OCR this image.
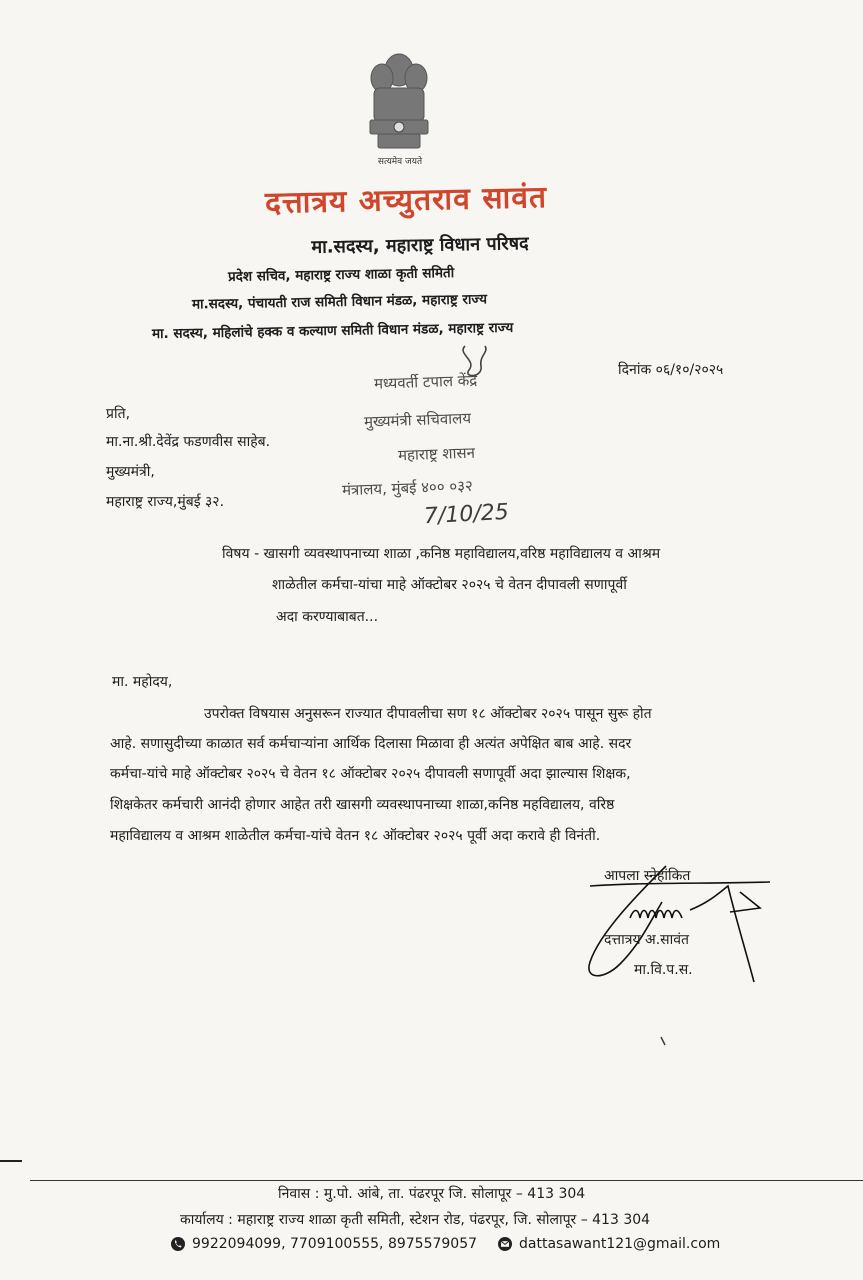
सत्यमेव जयते
दत्तात्रय अच्युतराव सावंत
मा.सदस्य, महाराष्ट्र विधान परिषद
प्रदेश सचिव, महाराष्ट्र राज्य शाळा कृती समिती
मा.सदस्य, पंचायती राज समिती विधान मंडळ, महाराष्ट्र राज्य
मा. सदस्य, महिलांचे हक्क व कल्याण समिती विधान मंडळ, महाराष्ट्र राज्य
दिनांक ०६/१०/२०२५
मध्यवर्ती टपाल केंद्र
मुख्यमंत्री सचिवालय
महाराष्ट्र शासन
मंत्रालय, मुंबई ४०० ०३२
7/10/25
प्रति,
मा.ना.श्री.देवेंद्र फडणवीस साहेब.
मुख्यमंत्री,
महाराष्ट्र राज्य,मुंबई ३२.
विषय - खासगी व्यवस्थापनाच्या शाळा ,कनिष्ठ महाविद्यालय,वरिष्ठ महाविद्यालय व आश्रम
शाळेतील कर्मचा-यांचा माहे ऑक्टोबर २०२५ चे वेतन दीपावली सणापूर्वी
अदा करण्याबाबत...
मा. महोदय,
उपरोक्त विषयास अनुसरून राज्यात दीपावलीचा सण १८ ऑक्टोबर २०२५ पासून सुरू होत
आहे. सणासुदीच्या काळात सर्व कर्मचाऱ्यांना आर्थिक दिलासा मिळावा ही अत्यंत अपेक्षित बाब आहे. सदर
कर्मचा-यांचे माहे ऑक्टोबर २०२५ चे वेतन १८ ऑक्टोबर २०२५ दीपावली सणापूर्वी अदा झाल्यास शिक्षक,
शिक्षकेतर कर्मचारी आनंदी होणार आहेत तरी खासगी व्यवस्थापनाच्या शाळा,कनिष्ठ महविद्यालय, वरिष्ठ
महाविद्यालय व आश्रम शाळेतील कर्मचा-यांचे वेतन १८ ऑक्टोबर २०२५ पूर्वी अदा करावे ही विनंती.
आपला स्नेहांकित
दत्तात्रय अ.सावंत
मा.वि.प.स.
निवास : मु.पो. आंबे, ता. पंढरपूर जि. सोलापूर – 413 304
कार्यालय : महाराष्ट्र राज्य शाळा कृती समिती, स्टेशन रोड, पंढरपूर, जि. सोलापूर – 413 304
9922094099, 7709100555, 8975579057	dattasawant121@gmail.com
